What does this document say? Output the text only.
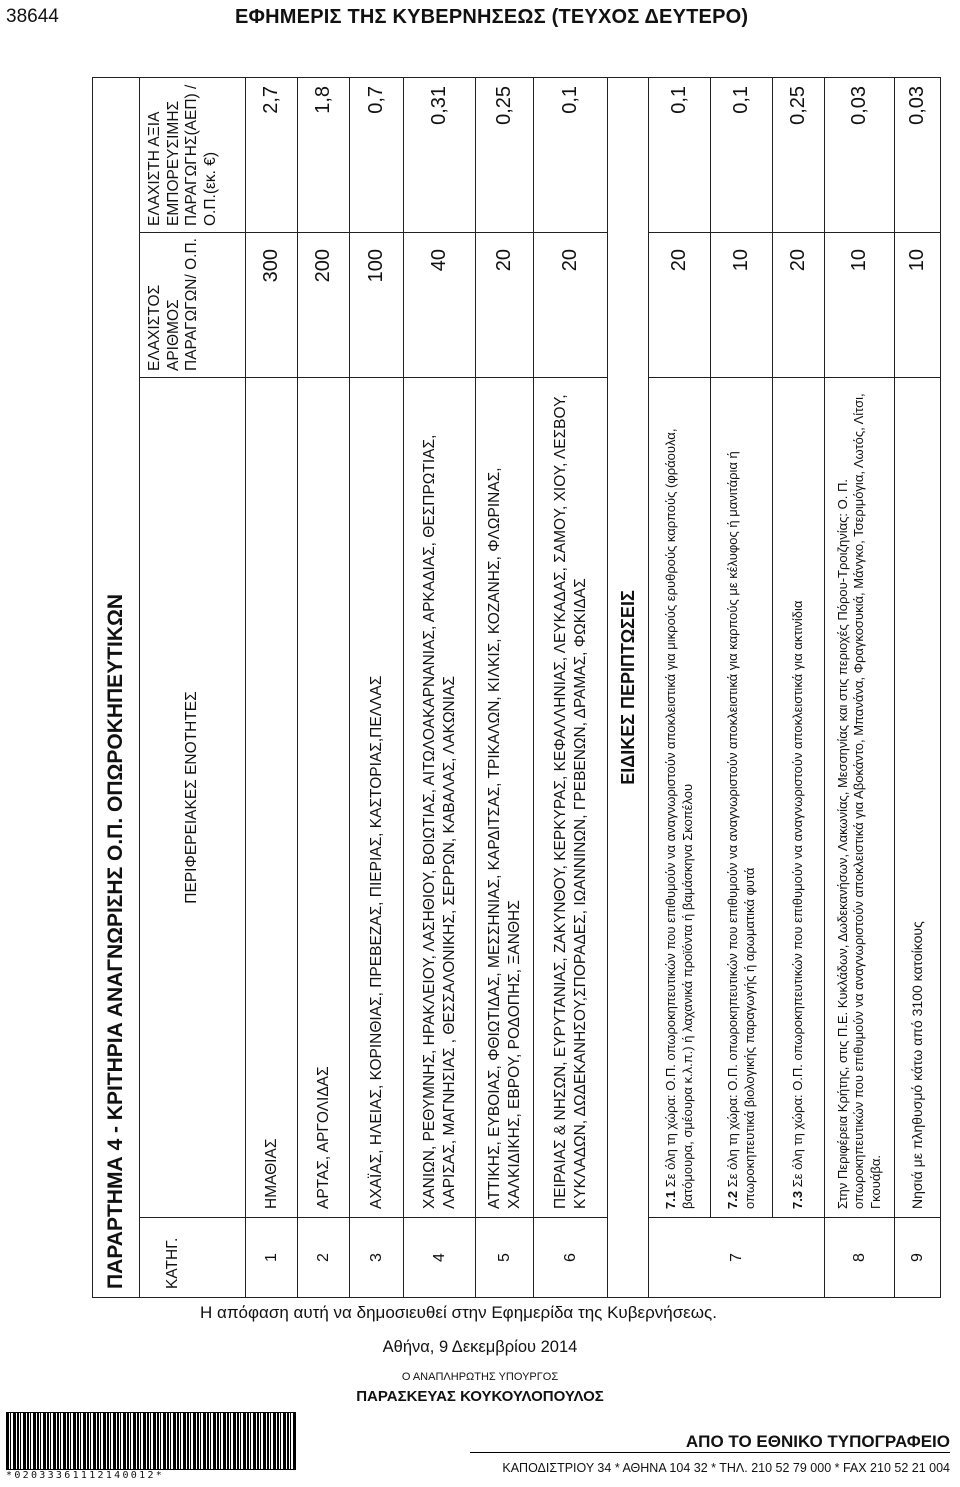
38644	ΕΦΗΜΕΡΙΣ ΤΗΣ ΚΥΒΕΡΝΗΣΕΩΣ (ΤΕΥΧΟΣ ΔΕΥΤΕΡΟ)
ΠΑΡΑΡΤΗΜΑ 4 - ΚΡΙΤΗΡΙΑ ΑΝΑΓΝΩΡΙΣΗΣ Ο.Π. ΟΠΩΡΟΚΗΠΕΥΤΙΚΩΝ			
ΚΑΤΗΓ.	ΠΕΡΙΦΕΡΕΙΑΚΕΣ ΕΝΟΤΗΤΕΣ	ΕΛΑΧΙΣΤΟΣ ΑΡΙΘΜΟΣ ΠΑΡΑΓΩΓΩΝ/ Ο.Π.	ΕΛΑΧΙΣΤΗ ΑΞΙΑ ΕΜΠΟΡΕΥΣΙΜΗΣ ΠΑΡΑΓΩΓΗΣ(ΑΕΠ) / Ο.Π.(εκ. €)
1	ΗΜΑΘΙΑΣ	300	2,7
2	ΑΡΤΑΣ, ΑΡΓΟΛΙΔΑΣ	200	1,8
3	ΑΧΑΪΑΣ, ΗΛΕΙΑΣ, ΚΟΡΙΝΘΙΑΣ, ΠΡΕΒΕΖΑΣ, ΠΙΕΡΙΑΣ, ΚΑΣΤΟΡΙΑΣ,ΠΕΛΛΑΣ	100	0,7
4	ΧΑΝΙΩΝ, ΡΕΘΥΜΝΗΣ, ΗΡΑΚΛΕΙΟΥ, ΛΑΣΗΘΙΟΥ, ΒΟΙΩΤΙΑΣ, ΑΙΤΩΛΟΑΚΑΡΝΑΝΙΑΣ, ΑΡΚΑΔΙΑΣ, ΘΕΣΠΡΩΤΙΑΣ, ΛΑΡΙΣΑΣ, ΜΑΓΝΗΣΙΑΣ , ΘΕΣΣΑΛΟΝΙΚΗΣ, ΣΕΡΡΩΝ, ΚΑΒΑΛΑΣ, ΛΑΚΩΝΙΑΣ	40	0,31
5	ΑΤΤΙΚΗΣ, ΕΥΒΟΙΑΣ, ΦΘΙΩΤΙΔΑΣ, ΜΕΣΣΗΝΙΑΣ, ΚΑΡΔΙΤΣΑΣ, ΤΡΙΚΑΛΩΝ, ΚΙΛΚΙΣ, ΚΟΖΑΝΗΣ, ΦΛΩΡΙΝΑΣ, ΧΑΛΚΙΔΙΚΗΣ, ΕΒΡΟΥ, ΡΟΔΟΠΗΣ, ΞΑΝΘΗΣ	20	0,25
6	ΠΕΙΡΑΙΑΣ & ΝΗΣΩΝ, ΕΥΡΥΤΑΝΙΑΣ, ΖΑΚΥΝΘΟΥ, ΚΕΡΚΥΡΑΣ, ΚΕΦΑΛΛΗΝΙΑΣ, ΛΕΥΚΑΔΑΣ, ΣΑΜΟΥ, ΧΙΟΥ, ΛΕΣΒΟΥ, ΚΥΚΛΑΔΩΝ, ΔΩΔΕΚΑΝΗΣΟΥ,ΣΠΟΡΑΔΕΣ, ΙΩΑΝΝΙΝΩΝ, ΓΡΕΒΕΝΩΝ, ΔΡΑΜΑΣ, ΦΩΚΙΔΑΣ	20	0,1
ΕΙΔΙΚΕΣ ΠΕΡΙΠΤΩΣΕΙΣ			
7	7.1 Σε όλη τη χώρα: Ο.Π. οπωροκηπευτικών που επιθυμούν να αναγνωριστούν αποκλειστικά για μικρούς ερυθρούς καρπούς (φράουλα, βατόμουρα, σμέουρα κ.λ.π.) ή λαχανικά προϊόντα ή βαμάσκηνα Σκοπέλου	20	0,1
	7.2 Σε όλη τη χώρα: Ο.Π. οπωροκηπευτικών που επιθυμούν να αναγνωριστούν αποκλειστικά για καρπούς με κέλυφος ή μανιτάρια ή οπωροκηπευτικά βιολογικής παραγωγής ή αρωματικά φυτά	10	0,1
	7.3 Σε όλη τη χώρα: Ο.Π. οπωροκηπευτικών που επιθυμούν να αναγνωριστούν αποκλειστικά για ακτινίδια	20	0,25
8	Στην Περιφέρεια Κρήτης, στις Π.Ε. Κυκλάδων, Δωδεκανήσων, Λακωνίας, Μεσσηνίας και στις περιοχές Πόρου-Τροιζηνίας: Ο. Π. οπωροκηπευτικών που επιθυμούν να αναγνωριστούν αποκλειστικά για Αβοκάντο, Μπανάνα, Φραγκοσυκιά, Μάνγκο, Τσεριμόγια, Λωτός, Λίτσι, Γκουάβα.	10	0,03
9	Νησιά με πληθυσμό κάτω από 3100 κατοίκους	10	0,03
Η απόφαση αυτή να δημοσιευθεί στην Εφημερίδα της Κυβερνήσεως.
Αθήνα, 9 Δεκεμβρίου 2014
Ο ΑΝΑΠΛΗΡΩΤΗΣ ΥΠΟΥΡΓΟΣ
ΠΑΡΑΣΚΕΥΑΣ ΚΟΥΚΟΥΛΟΠΟΥΛΟΣ
*02033361112140012*
ΑΠΟ ΤΟ ΕΘΝΙΚΟ ΤΥΠΟΓΡΑΦΕΙΟ
ΚΑΠΟΔΙΣΤΡΙΟΥ 34 * ΑΘΗΝΑ 104 32 * ΤΗΛ. 210 52 79 000 * FAX 210 52 21 004
